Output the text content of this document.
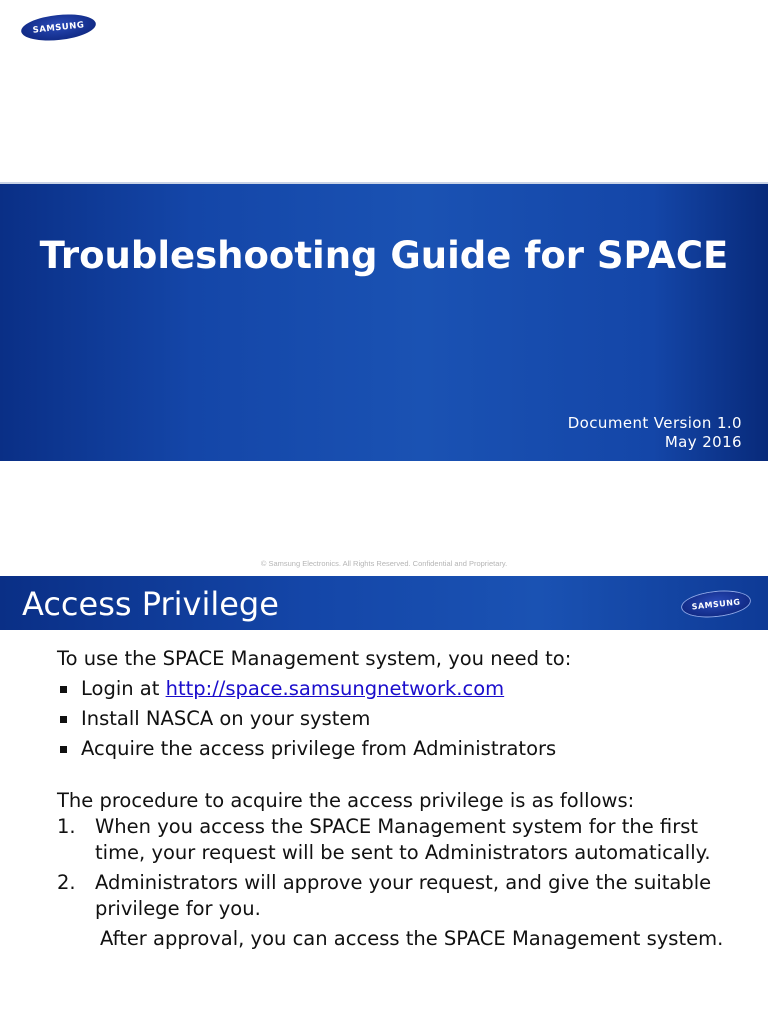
SAMSUNG
Troubleshooting Guide for SPACE
Document Version 1.0
May 2016
© Samsung Electronics. All Rights Reserved. Confidential and Proprietary.
Access Privilege	SAMSUNG

To use the SPACE Management system, you need to:

Login at http://space.samsungnetwork.com
Install NASCA on your system
Acquire the access privilege from Administrators

The procedure to acquire the access privilege is as follows:

1. When you access the SPACE Management system for the first time, your request will be sent to Administrators automatically.
2. Administrators will approve your request, and give the suitable privilege for you.

After approval, you can access the SPACE Management system.
